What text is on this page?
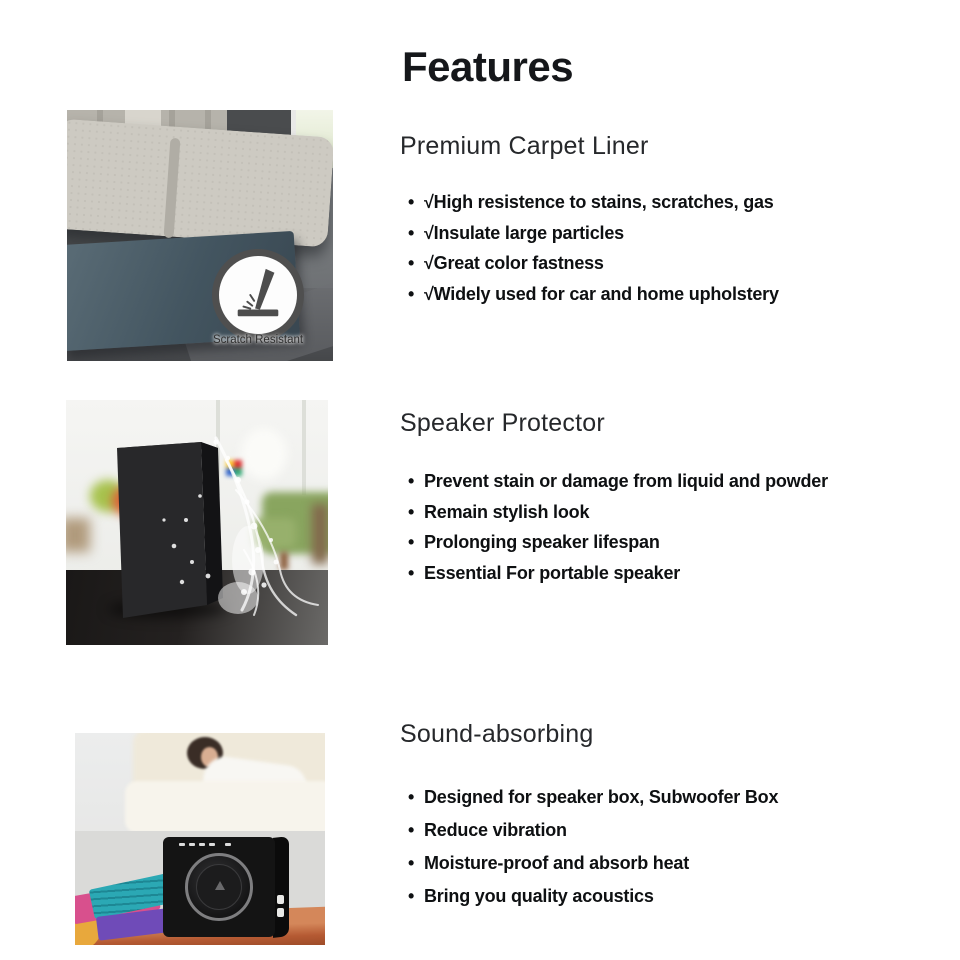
Features
Scratch Resistant
Premium Carpet Liner
• √High resistence to stains, scratches, gas
• √Insulate large particles
• √Great color fastness
• √Widely used for car and home upholstery
Speaker Protector
• Prevent stain or damage from liquid and powder
• Remain stylish look
• Prolonging speaker lifespan
• Essential For portable speaker
Sound-absorbing
• Designed for speaker box, Subwoofer Box
• Reduce vibration
• Moisture-proof and absorb heat
• Bring you quality acoustics
